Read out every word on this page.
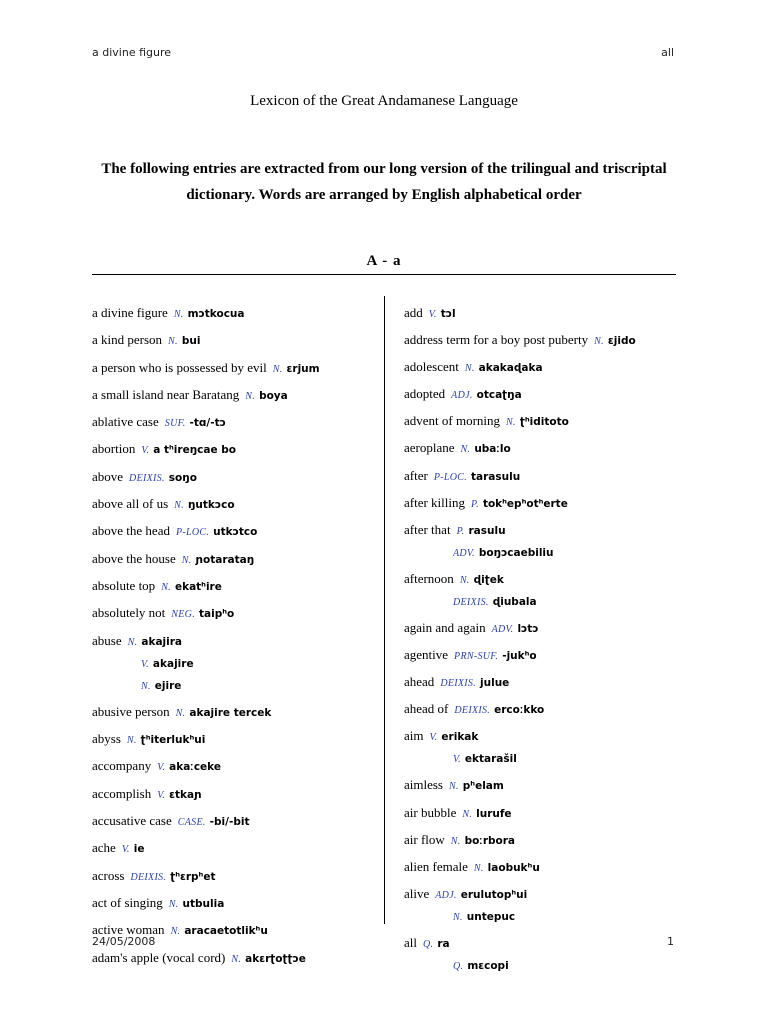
a divine figure	all
Lexicon of the Great Andamanese Language
The following entries are extracted from our long version of the trilingual and triscriptal dictionary. Words are arranged by English alphabetical order
A - a
a divine figure N. mɔtkocua
a kind person N. bui
a person who is possessed by evil N. ɛrjum
a small island near Baratang N. boya
ablative case SUF. -tɑ/-tɔ
abortion V. a tʰireŋcae bo
above DEIXIS. soŋo
above all of us N. ŋutkɔco
above the head P-LOC. utkɔtco
above the house N. ɲotarataŋ
absolute top N. ekatʰire
absolutely not NEG. taipʰo
abuse N. akajira
V. akajire
N. ejire
abusive person N. akajire tercek
abyss N. ʈʰiterlukʰui
accompany V. akaːceke
accomplish V. ɛtkaɲ
accusative case CASE. -bi/-bit
ache V. ie
across DEIXIS. ʈʰɛrpʰet
act of singing N. utbulia
active woman N. aracaetotlikʰu
adam's apple (vocal cord) N. akɛrʈoʈʈɔe
add V. tɔl
address term for a boy post puberty N. ɛjido
adolescent N. akakaɖaka
adopted ADJ. otcaʈŋa
advent of morning N. ʈʰiditoto
aeroplane N. ubaːlo
after P-LOC. tarasulu
after killing P. tokʰepʰotʰerte
after that P. rasulu
ADV. boŋɔcaebiliu
afternoon N. ɖiʈek
DEIXIS. ɖiubala
again and again ADV. lɔtɔ
agentive PRN-SUF. -jukʰo
ahead DEIXIS. julue
ahead of DEIXIS. ercoːkko
aim V. erikak
V. ektarašil
aimless N. pʰelam
air bubble N. lurufe
air flow N. boːrbora
alien female N. laobukʰu
alive ADJ. erulutopʰui
N. untepuc
all Q. ra
Q. mɛcopi
24/05/2008	1
